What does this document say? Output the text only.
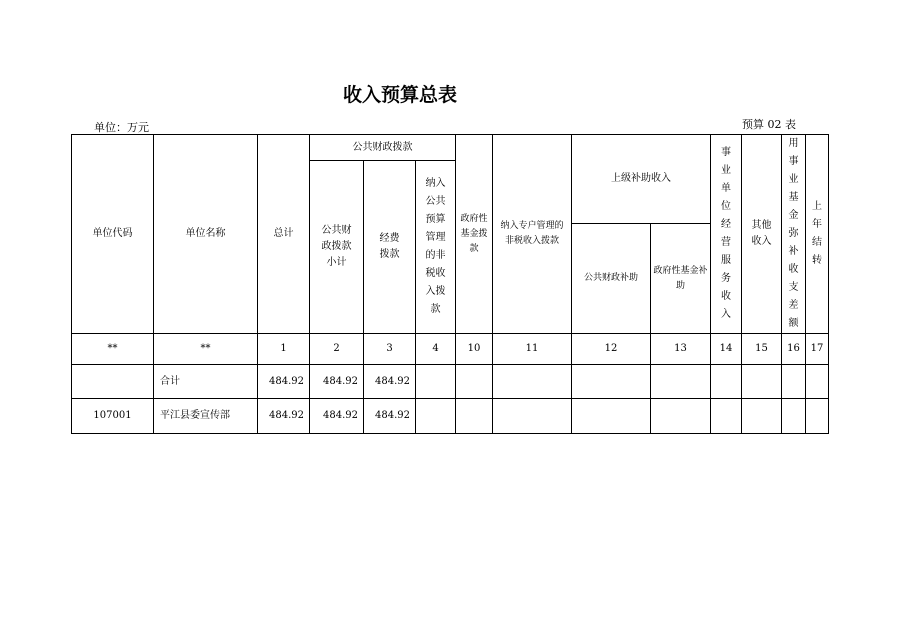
收入预算总表
单位：万元	预算 02 表
单位代码	单位名称	总计	公共财政拨款			政府性基金拨款	纳入专户管理的非税收入拨款	上级补助收入		事业单位经营服务收入	其他收入	用事业基金弥补收支差额	上年结转

			公共财政拨款小计	经费拨款	纳入公共预算管理的非税收入拨款								

								公共财政补助	政府性基金补助				
**	**	1	2	3	4	10	11	12	13	14	15	16	17
	合计	484.92	484.92	484.92									
107001	平江县委宣传部	484.92	484.92	484.92									
